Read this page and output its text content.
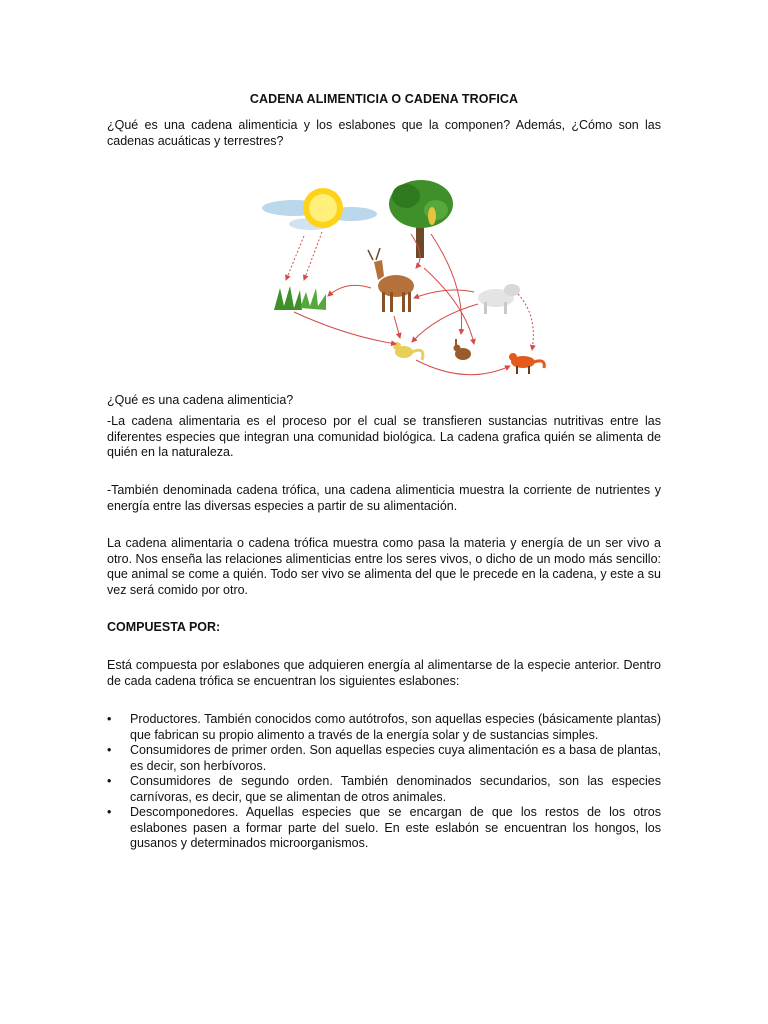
CADENA ALIMENTICIA O CADENA TROFICA
¿Qué es una cadena alimenticia y los eslabones que la componen? Además, ¿Cómo son las cadenas acuáticas y terrestres?
¿Qué es una cadena alimenticia?
-La cadena alimentaria es el proceso por el cual se transfieren sustancias nutritivas entre las diferentes especies que integran una comunidad biológica. La cadena grafica quién se alimenta de quién en la naturaleza.
-También denominada cadena trófica, una cadena alimenticia muestra la corriente de nutrientes y energía entre las diversas especies a partir de su alimentación.
La cadena alimentaria o cadena trófica muestra como pasa la materia y energía de un ser vivo a otro. Nos enseña las relaciones alimenticias entre los seres vivos, o dicho de un modo más sencillo: que animal se come a quién. Todo ser vivo se alimenta del que le precede en la cadena, y este a su vez será comido por otro.
COMPUESTA POR:
Está compuesta por eslabones que adquieren energía al alimentarse de la especie anterior. Dentro de cada cadena trófica se encuentran los siguientes eslabones:
• Productores. También conocidos como autótrofos, son aquellas especies (básicamente plantas) que fabrican su propio alimento a través de la energía solar y de sustancias simples.
• Consumidores de primer orden. Son aquellas especies cuya alimentación es a basa de plantas, es decir, son herbívoros.
• Consumidores de segundo orden. También denominados secundarios, son las especies carnívoras, es decir, que se alimentan de otros animales.
• Descomponedores. Aquellas especies que se encargan de que los restos de los otros eslabones pasen a formar parte del suelo. En este eslabón se encuentran los hongos, los gusanos y determinados microorganismos.
